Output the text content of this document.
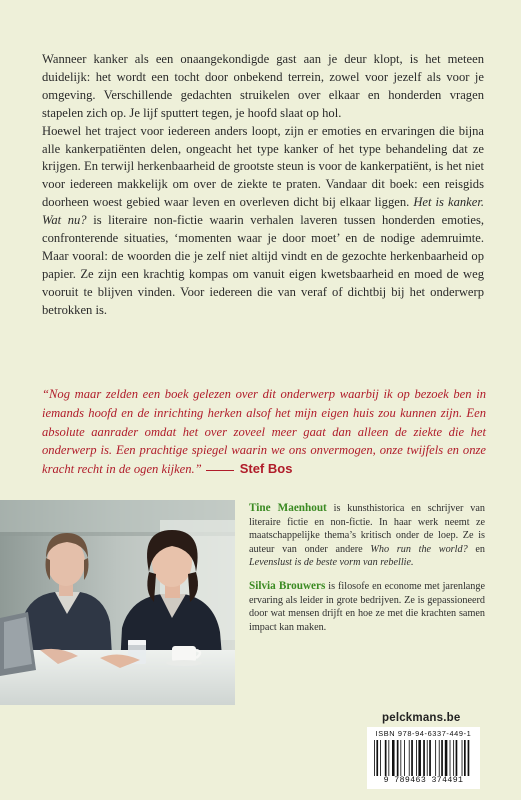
Wanneer kanker als een onaangekondigde gast aan je deur klopt, is het meteen duidelijk: het wordt een tocht door onbekend terrein, zowel voor jezelf als voor je omgeving. Verschillende gedachten struikelen over elkaar en honderden vragen stapelen zich op. Je lijf sputtert tegen, je hoofd slaat op hol.

Hoewel het traject voor iedereen anders loopt, zijn er emoties en ervaringen die bijna alle kankerpatiënten delen, ongeacht het type kanker of het type behandeling dat ze krijgen. En terwijl herkenbaarheid de grootste steun is voor de kankerpatiënt, is het niet voor iedereen makkelijk om over de ziekte te praten. Vandaar dit boek: een reisgids doorheen woest gebied waar leven en overleven dicht bij elkaar liggen. Het is kanker. Wat nu? is literaire non-fictie waarin verhalen laveren tussen honderden emoties, confronterende situaties, ‘momenten waar je door moet’ en de nodige ademruimte. Maar vooral: de woorden die je zelf niet altijd vindt en de gezochte herkenbaarheid op papier. Ze zijn een krachtig kompas om vanuit eigen kwetsbaarheid en moed de weg vooruit te blijven vinden. Voor iedereen die van veraf of dichtbij bij het onderwerp betrokken is.

“Nog maar zelden een boek gelezen over dit onderwerp waarbij ik op bezoek ben in iemands hoofd en de inrichting herken alsof het mijn eigen huis zou kunnen zijn. Een absolute aanrader omdat het over zoveel meer gaat dan alleen de ziekte die het onderwerp is. Een prachtige spiegel waarin we ons onvermogen, onze twijfels en onze kracht recht in de ogen kijken.”	Stef Bos

Tine Maenhout is kunsthistorica en schrijver van literaire fictie en non-fictie. In haar werk neemt ze maatschappelijke thema’s kritisch onder de loep. Ze is auteur van onder andere Who run the world? en Levenslust is de beste vorm van rebellie.

Silvia Brouwers is filosofe en econome met jarenlange ervaring als leider in grote bedrijven. Ze is gepassioneerd door wat mensen drijft en hoe ze met die krachten samen impact kan maken.

pelckmans.be
ISBN 978-94-6337-449-1
9 789463 374491
